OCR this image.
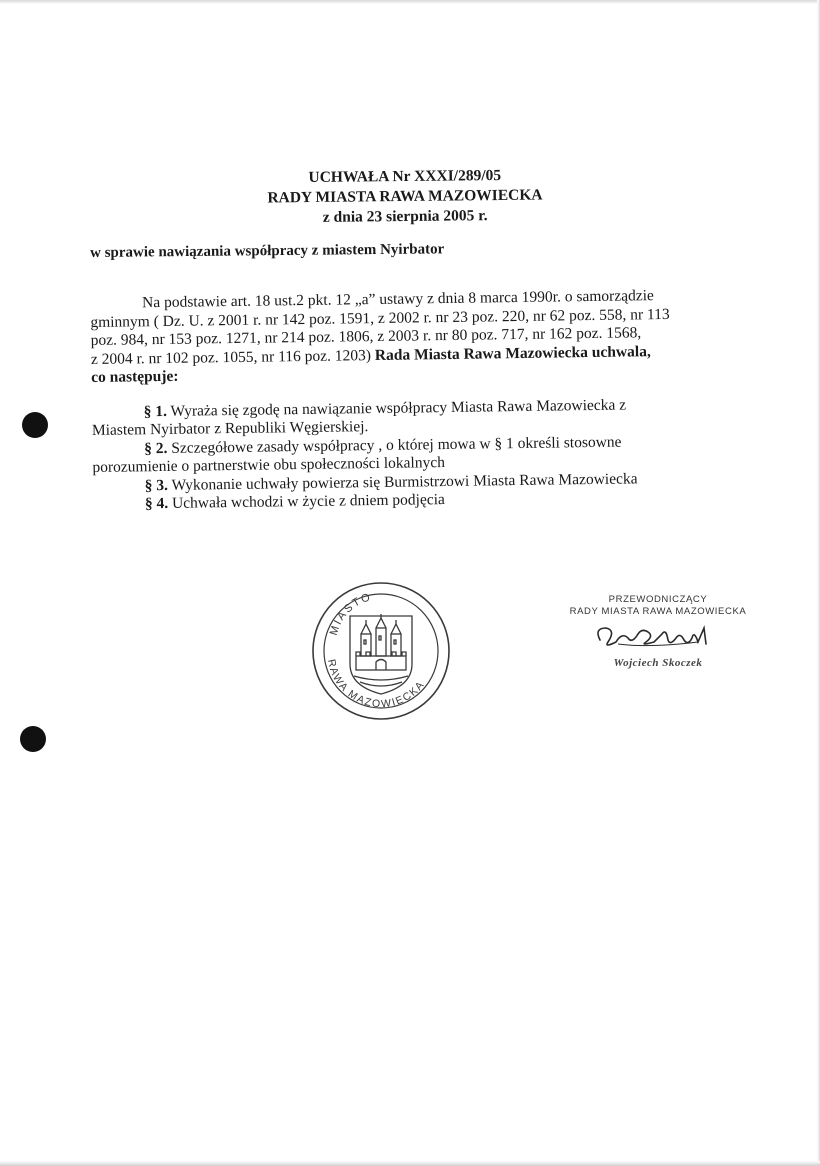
UCHWAŁA Nr XXXI/289/05
RADY MIASTA RAWA MAZOWIECKA
z dnia 23 sierpnia 2005 r.
w sprawie nawiązania współpracy z miastem Nyirbator
Na podstawie art. 18 ust.2 pkt. 12 „a” ustawy z dnia 8 marca 1990r. o samorządzie
gminnym ( Dz. U. z 2001 r. nr 142 poz. 1591, z 2002 r. nr 23 poz. 220, nr 62 poz. 558, nr 113
poz. 984, nr 153 poz. 1271, nr 214 poz. 1806, z 2003 r. nr 80 poz. 717, nr 162 poz. 1568,
z 2004 r. nr 102 poz. 1055, nr 116 poz. 1203) Rada Miasta Rawa Mazowiecka uchwala,
co następuje:
§ 1. Wyraża się zgodę na nawiązanie współpracy Miasta Rawa Mazowiecka z
Miastem Nyirbator z Republiki Węgierskiej.
§ 2. Szczegółowe zasady współpracy , o której mowa w § 1 określi stosowne
porozumienie o partnerstwie obu społeczności lokalnych
§ 3. Wykonanie uchwały powierza się Burmistrzowi Miasta Rawa Mazowiecka
§ 4. Uchwała wchodzi w życie z dniem podjęcia
MIASTO
RAWA MAZOWIECKA
PRZEWODNICZĄCY
RADY MIASTA RAWA MAZOWIECKA
Wojciech Skoczek
